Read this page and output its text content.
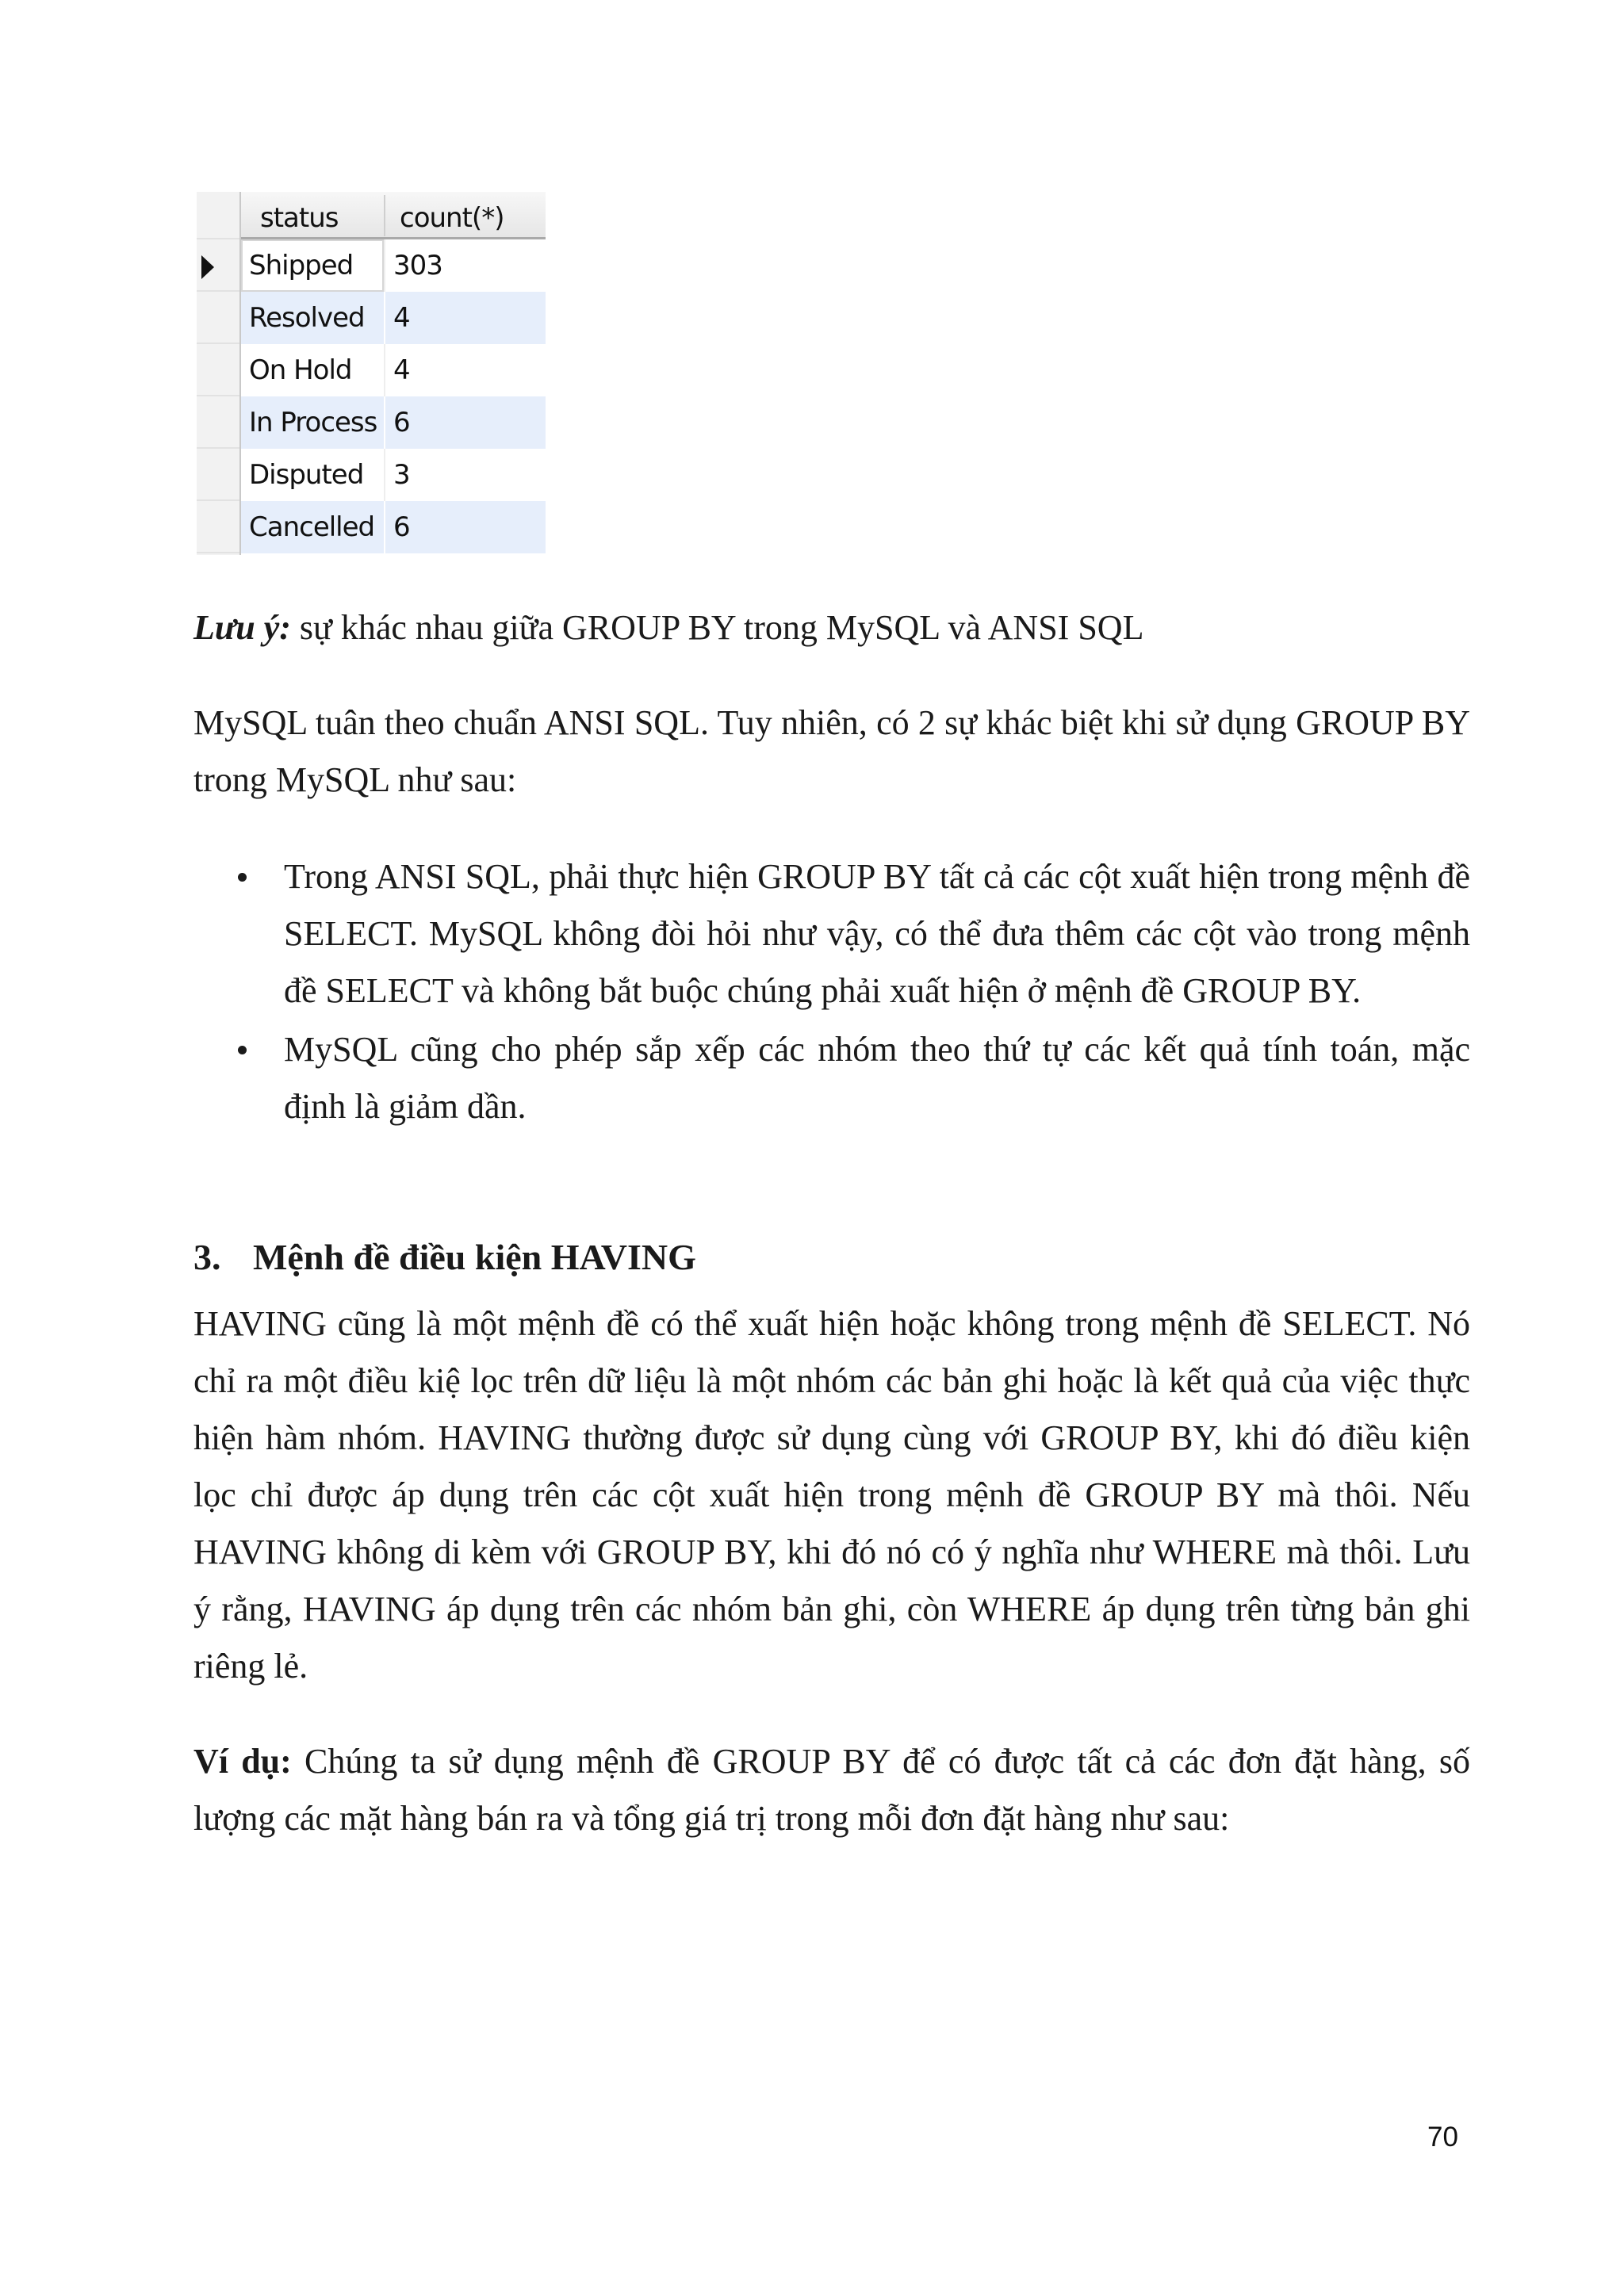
status count(*)
Shipped	303
Resolved 4
On Hold 4
In Process 6
Disputed 3
Cancelled 6

Lưu ý: sự khác nhau giữa GROUP BY trong MySQL và ANSI SQL

MySQL tuân theo chuẩn ANSI SQL. Tuy nhiên, có 2 sự khác biệt khi sử dụng GROUP BY trong MySQL như sau:

Trong ANSI SQL, phải thực hiện GROUP BY tất cả các cột xuất hiện trong mệnh đề SELECT. MySQL không đòi hỏi như vậy, có thể đưa thêm các cột vào trong mệnh đề SELECT và không bắt buộc chúng phải xuất hiện ở mệnh đề GROUP BY.
MySQL cũng cho phép sắp xếp các nhóm theo thứ tự các kết quả tính toán, mặc định là giảm dần.
3. Mệnh đề điều kiện HAVING

HAVING cũng là một mệnh đề có thể xuất hiện hoặc không trong mệnh đề SELECT. Nó chỉ ra một điều kiệ lọc trên dữ liệu là một nhóm các bản ghi hoặc là kết quả của việc thực hiện hàm nhóm. HAVING thường được sử dụng cùng với GROUP BY, khi đó điều kiện lọc chỉ được áp dụng trên các cột xuất hiện trong mệnh đề GROUP BY mà thôi. Nếu HAVING không di kèm với GROUP BY, khi đó nó có ý nghĩa như WHERE mà thôi. Lưu ý rằng, HAVING áp dụng trên các nhóm bản ghi, còn WHERE áp dụng trên từng bản ghi riêng lẻ.

Ví dụ: Chúng ta sử dụng mệnh đề GROUP BY để có được tất cả các đơn đặt hàng, số lượng các mặt hàng bán ra và tổng giá trị trong mỗi đơn đặt hàng như sau:

70
